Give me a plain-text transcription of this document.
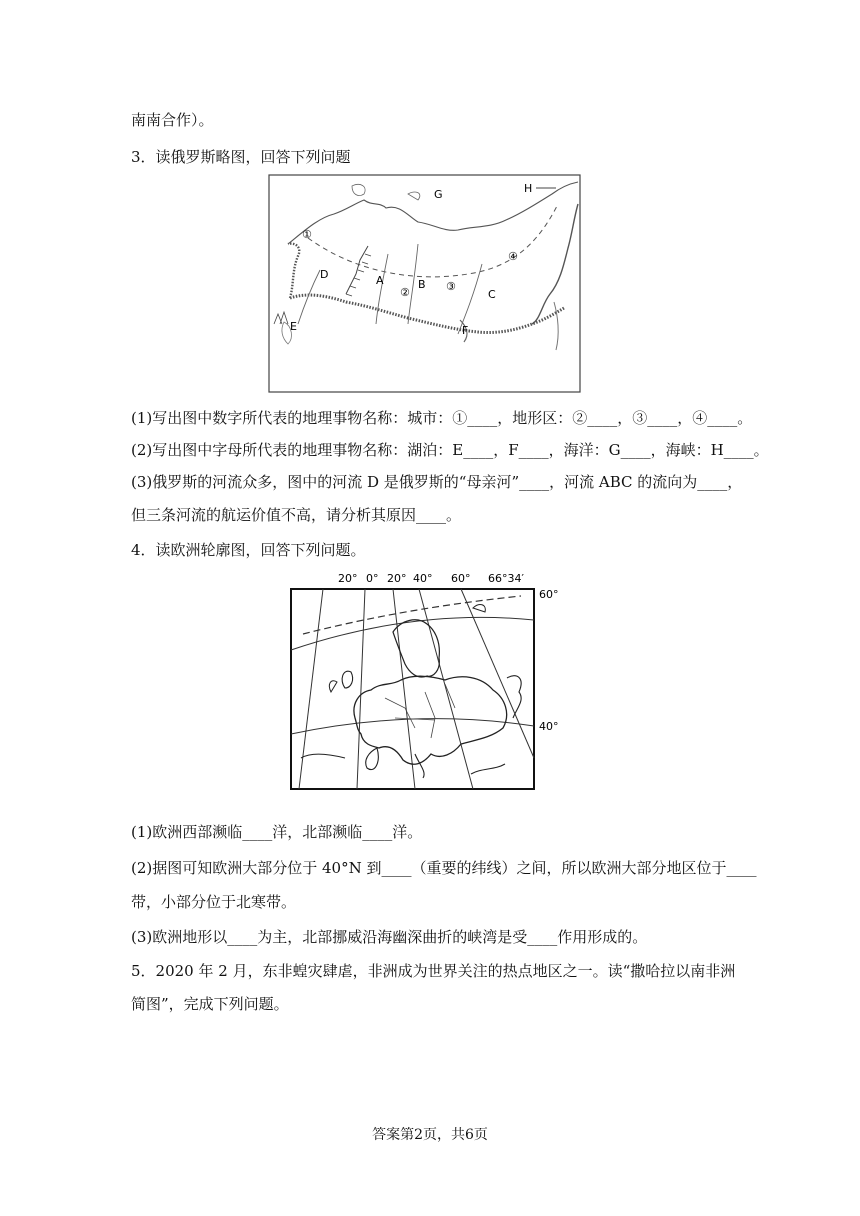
南南合作）。
3．读俄罗斯略图，回答下列问题
G	H
①
D	A
②
B ③
C
④
F
E
(1)写出图中数字所代表的地理事物名称：城市：①____，地形区：②____，③____，④____。
(2)写出图中字母所代表的地理事物名称：湖泊：E____，F____，海洋：G____，海峡：H____。
(3)俄罗斯的河流众多，图中的河流 D 是俄罗斯的“母亲河”____，河流 ABC 的流向为____，
但三条河流的航运价值不高，请分析其原因____。
4．读欧洲轮廓图，回答下列问题。
20° 0° 20° 40° 60° 66°34′
60°
40°
(1)欧洲西部濒临____洋，北部濒临____洋。
(2)据图可知欧洲大部分位于 40°N 到____（重要的纬线）之间，所以欧洲大部分地区位于____
带，小部分位于北寒带。
(3)欧洲地形以____为主，北部挪威沿海幽深曲折的峡湾是受____作用形成的。
5．2020 年 2 月，东非蝗灾肆虐，非洲成为世界关注的热点地区之一。读“撒哈拉以南非洲
简图”，完成下列问题。
答案第2页，共6页
